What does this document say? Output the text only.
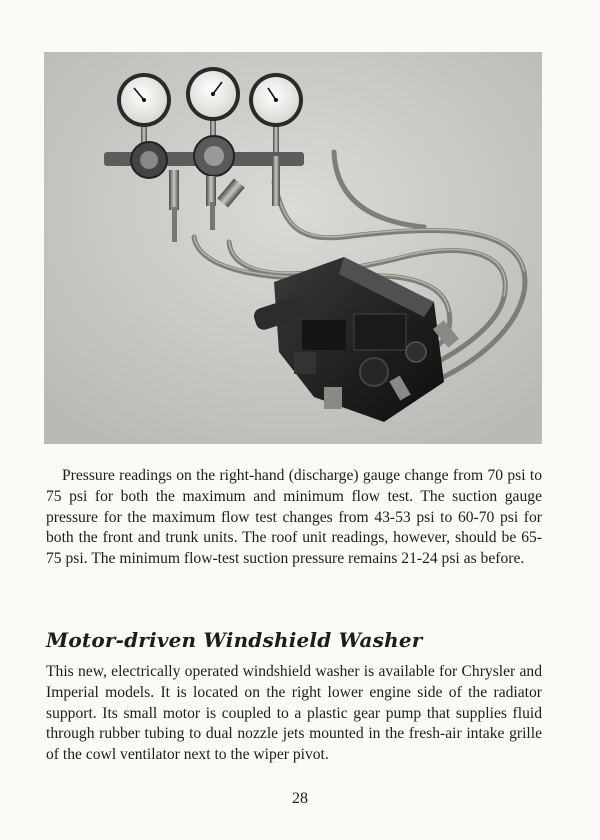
Pressure readings on the right-hand (discharge) gauge change from 70 psi to 75 psi for both the maximum and minimum flow test. The suction gauge pressure for the maximum flow test changes from 43-53 psi to 60-70 psi for both the front and trunk units. The roof unit readings, however, should be 65-75 psi. The minimum flow-test suction pressure remains 21-24 psi as before.

Motor-driven Windshield Washer

This new, electrically operated windshield washer is available for Chrysler and Imperial models. It is located on the right lower engine side of the radiator support. Its small motor is coupled to a plastic gear pump that supplies fluid through rubber tubing to dual nozzle jets mounted in the fresh-air intake grille of the cowl ventilator next to the wiper pivot.

28
